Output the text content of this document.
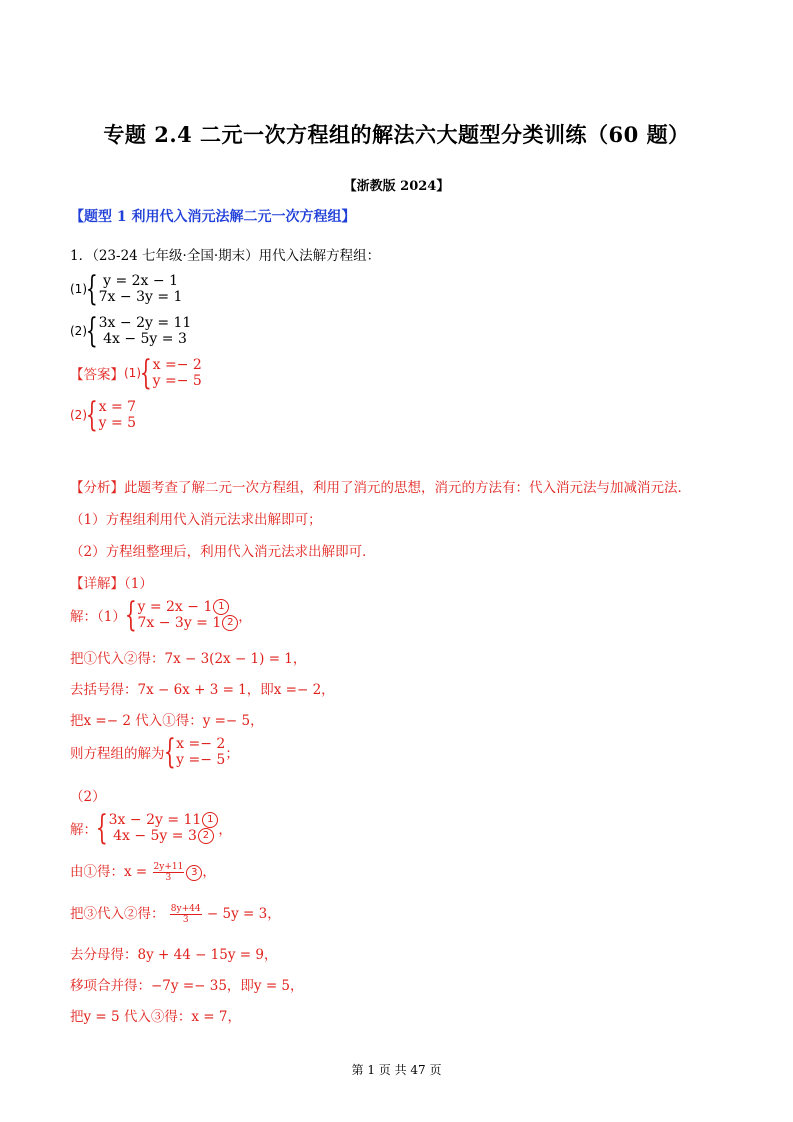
专题 2.4 二元一次方程组的解法六大题型分类训练（60 题）
【浙教版 2024】
【题型 1 利用代入消元法解二元一次方程组】
1．（23-24 七年级·全国·期末）用代入法解方程组：
(1)
{ y = 2x − 1
7x − 3y = 1
(2)
{ 3x − 2y = 11
4x − 5y = 3
【答案】 (1)
{ x =− 2
y =− 5
(2)
{ x = 7
y = 5
【分析】此题考查了解二元一次方程组，利用了消元的思想，消元的方法有：代入消元法与加减消元法．
（1）方程组利用代入消元法求出解即可；
（2）方程组整理后，利用代入消元法求出解即可．
【详解】（1）
解：（1）
{ y = 2x − 1 1
7x − 3y = 1 2 ，
把①代入②得：7x − 3(2x − 1) = 1，
去括号得：7x − 6x + 3 = 1，即x =− 2，
把x =− 2 代入①得：y =− 5，
则方程组的解为
{ x =− 2
y =− 5 ；
（2）
解：
{ 3x − 2y = 11 1
4x − 5y = 3 2 ，
由①得：$x = \frac{2y+11}{3} 3$ ，
把③代入②得： $\frac{8y+44}{3} - 5y = 3$，
去分母得：8y + 44 − 15y = 9，
移项合并得：−7y =− 35，即y = 5，
把y = 5 代入③得：x = 7，
第 1 页 共 47 页
